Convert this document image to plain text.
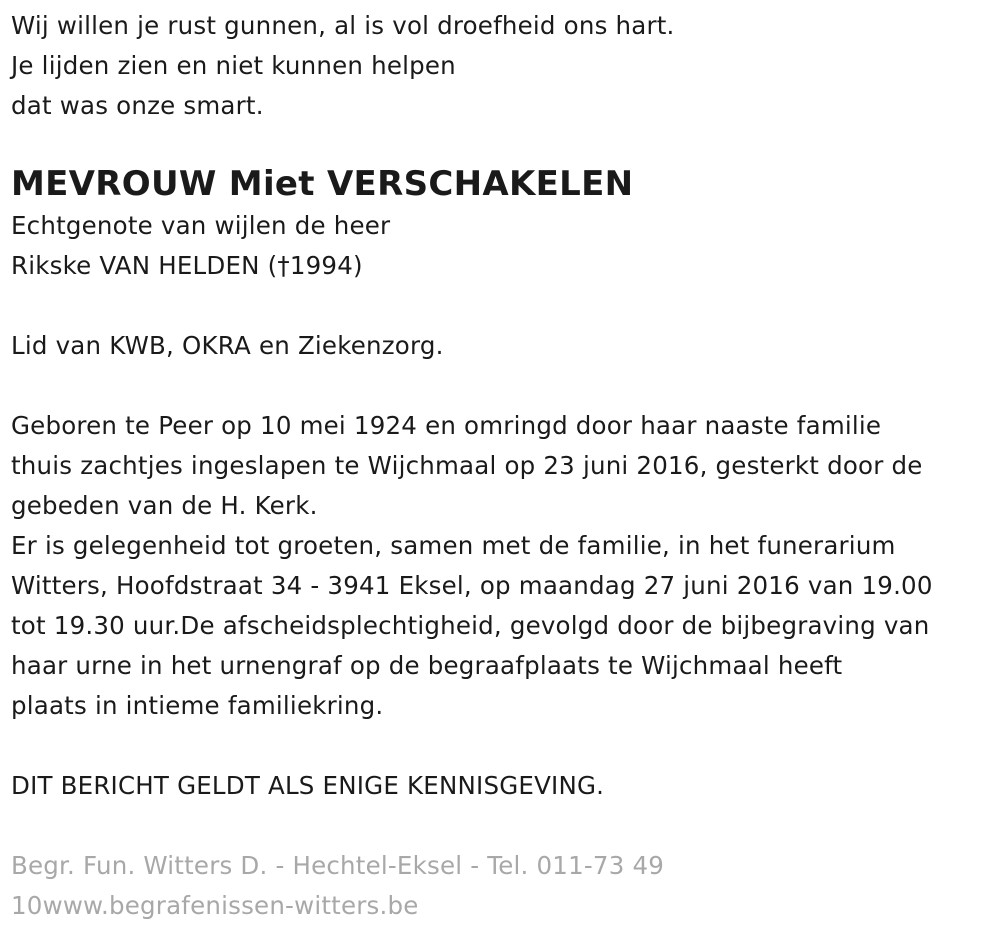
Wij willen je rust gunnen, al is vol droefheid ons hart.
Je lijden zien en niet kunnen helpen
dat was onze smart.
MEVROUW Miet VERSCHAKELEN
Echtgenote van wijlen de heer
Rikske VAN HELDEN (†1994)
Lid van KWB, OKRA en Ziekenzorg.
Geboren te Peer op 10 mei 1924 en omringd door haar naaste familie
thuis zachtjes ingeslapen te Wijchmaal op 23 juni 2016, gesterkt door de
gebeden van de H. Kerk.
Er is gelegenheid tot groeten, samen met de familie, in het funerarium
Witters, Hoofdstraat 34 - 3941 Eksel, op maandag 27 juni 2016 van 19.00
tot 19.30 uur.De afscheidsplechtigheid, gevolgd door de bijbegraving van
haar urne in het urnengraf op de begraafplaats te Wijchmaal heeft
plaats in intieme familiekring.
DIT BERICHT GELDT ALS ENIGE KENNISGEVING.
Begr. Fun. Witters D. - Hechtel-Eksel - Tel. 011-73 49
10www.begrafenissen-witters.be
